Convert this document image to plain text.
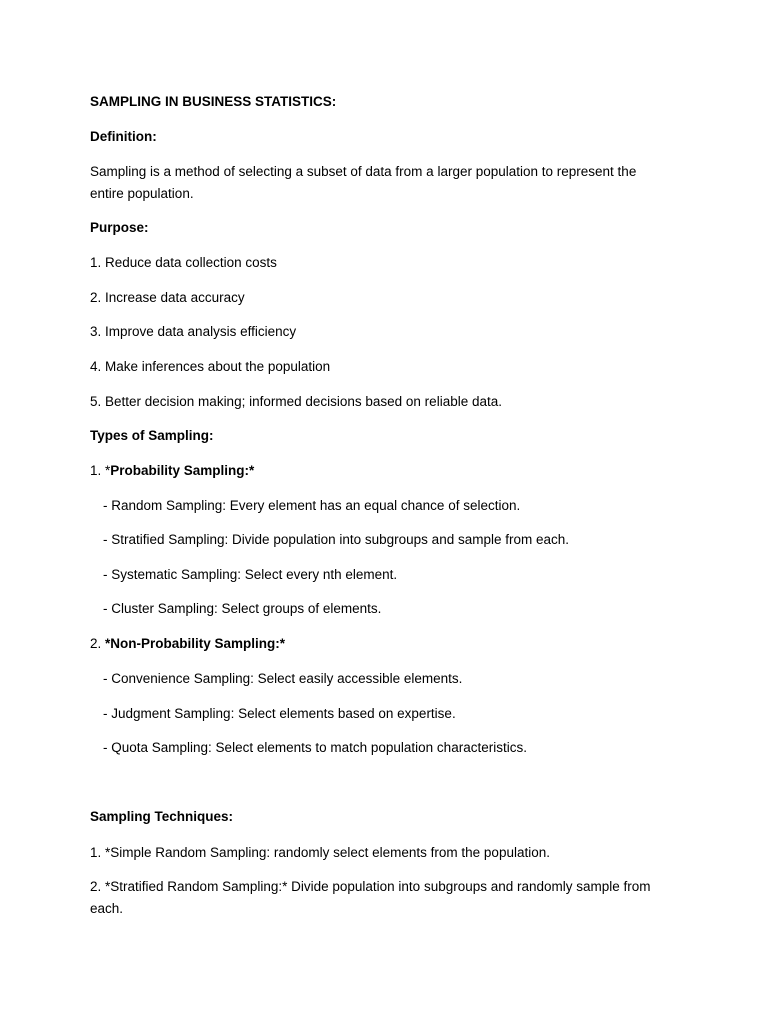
SAMPLING IN BUSINESS STATISTICS:
Definition:
Sampling is a method of selecting a subset of data from a larger population to represent the
entire population.
Purpose:
1. Reduce data collection costs
2. Increase data accuracy
3. Improve data analysis efficiency
4. Make inferences about the population
5. Better decision making; informed decisions based on reliable data.
Types of Sampling:
1. *Probability Sampling:*
- Random Sampling: Every element has an equal chance of selection.
- Stratified Sampling: Divide population into subgroups and sample from each.
- Systematic Sampling: Select every nth element.
- Cluster Sampling: Select groups of elements.
2. *Non-Probability Sampling:*
- Convenience Sampling: Select easily accessible elements.
- Judgment Sampling: Select elements based on expertise.
- Quota Sampling: Select elements to match population characteristics.
Sampling Techniques:
1. *Simple Random Sampling: randomly select elements from the population.
2. *Stratified Random Sampling:* Divide population into subgroups and randomly sample from
each.
